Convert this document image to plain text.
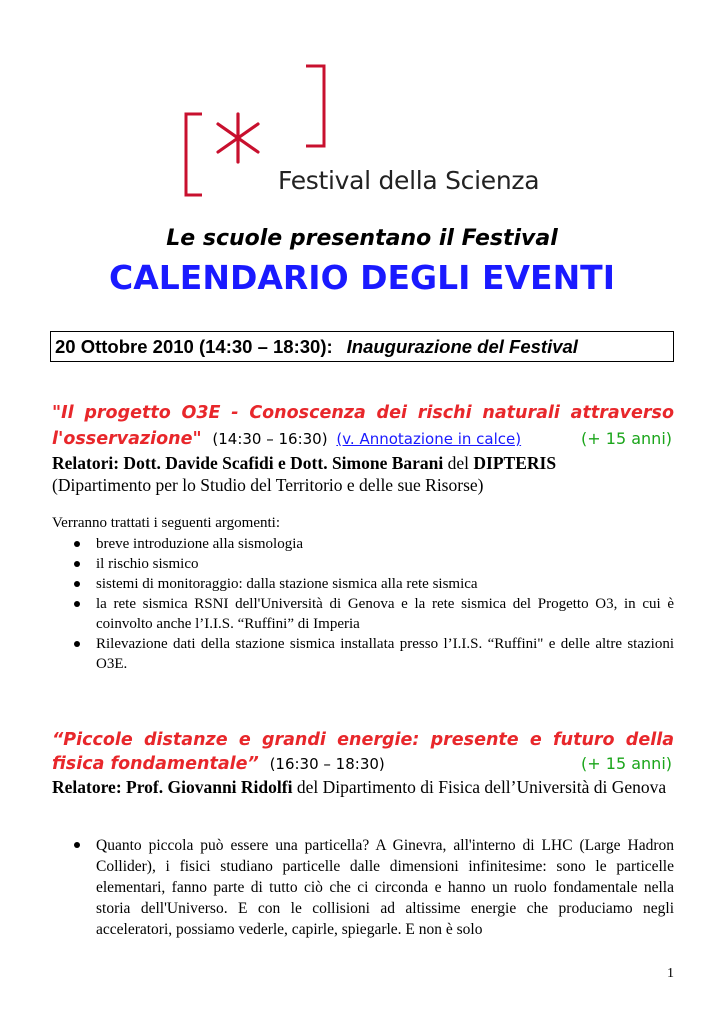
Festival della Scienza
Le scuole presentano il Festival
CALENDARIO DEGLI EVENTI
20 Ottobre 2010 (14:30 – 18:30): Inaugurazione del Festival
"Il progetto O3E - Conoscenza dei rischi naturali attraverso
l'osservazione" (14:30 – 16:30) (v. Annotazione in calce)	(+ 15 anni)
Relatori: Dott. Davide Scafidi e Dott. Simone Barani del DIPTERIS
(Dipartimento per lo Studio del Territorio e delle sue Risorse)
Verranno trattati i seguenti argomenti:
breve introduzione alla sismologia
il rischio sismico
sistemi di monitoraggio: dalla stazione sismica alla rete sismica
la rete sismica RSNI dell'Università di Genova e la rete sismica del Progetto O3, in cui è coinvolto anche l’I.I.S. “Ruffini” di Imperia
Rilevazione dati della stazione sismica installata presso l’I.I.S. “Ruffini" e delle altre stazioni O3E.
“Piccole distanze e grandi energie: presente e futuro della
fisica fondamentale” (16:30 – 18:30)	(+ 15 anni)
Relatore: Prof. Giovanni Ridolfi del Dipartimento di Fisica dell’Università di Genova
Quanto piccola può essere una particella? A Ginevra, all'interno di LHC (Large Hadron Collider), i fisici studiano particelle dalle dimensioni infinitesime: sono le particelle elementari, fanno parte di tutto ciò che ci circonda e hanno un ruolo fondamentale nella storia dell'Universo. E con le collisioni ad altissime energie che produciamo negli acceleratori, possiamo vederle, capirle, spiegarle. E non è solo
1
